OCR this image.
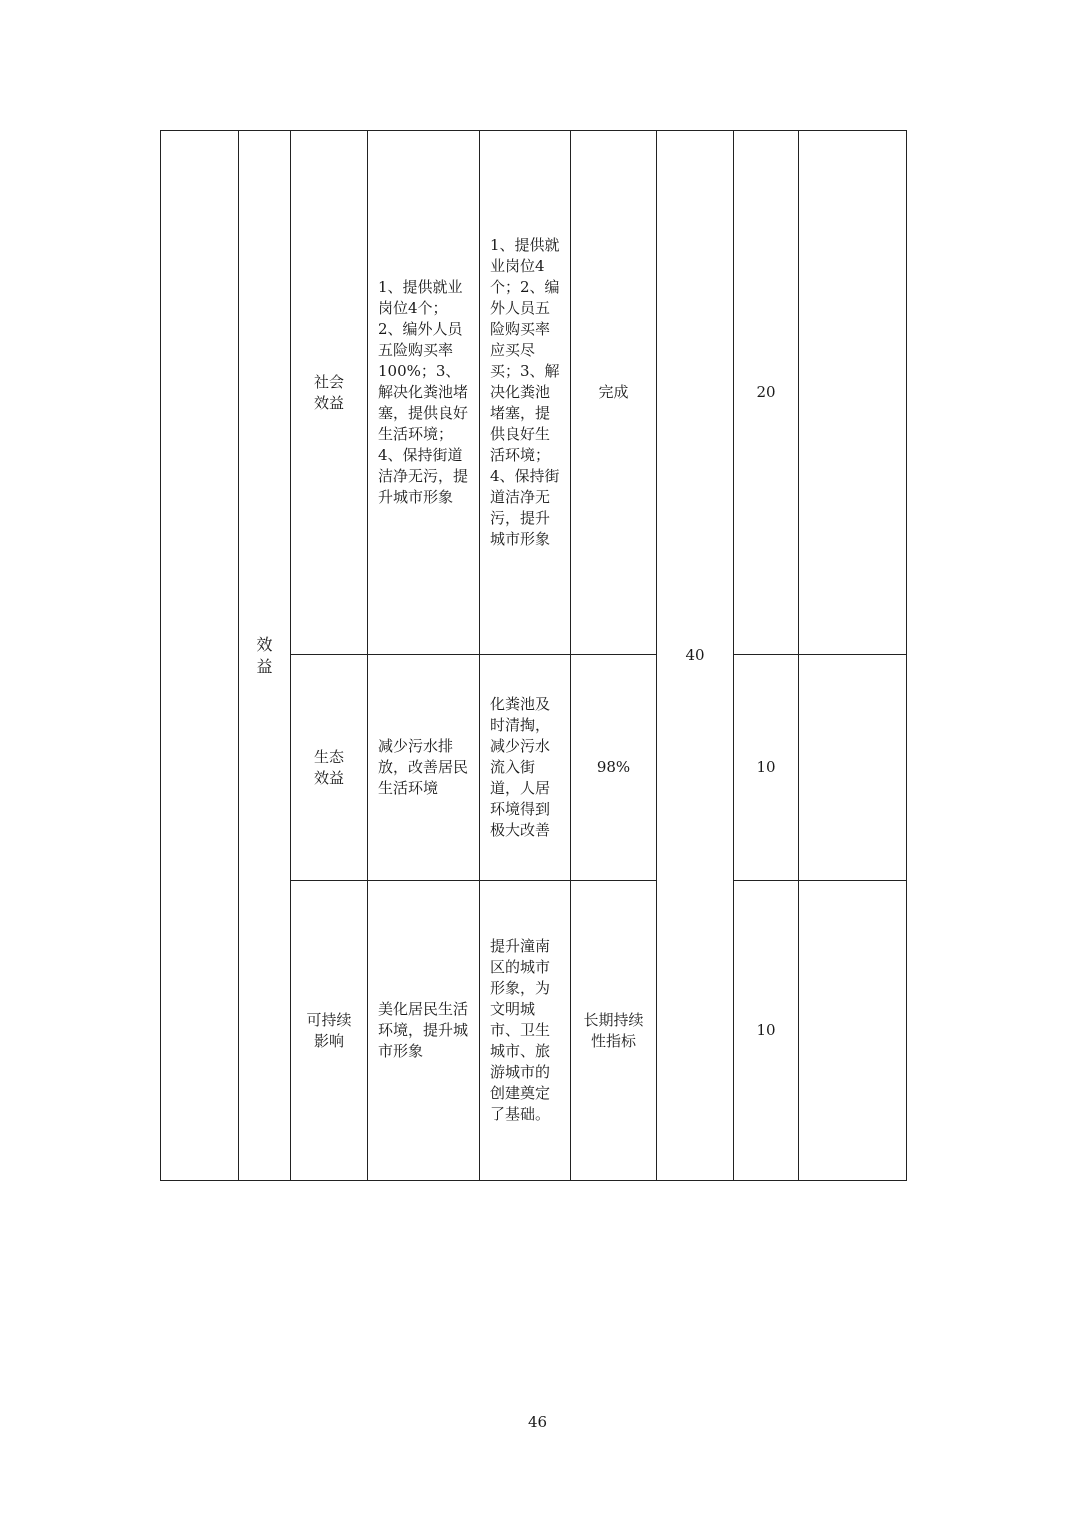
	效益	社会效益	1、提供就业岗位4个；2、编外人员五险购买率100%；3、解决化粪池堵塞，提供良好生活环境；4、保持街道洁净无污，提升城市形象	1、提供就业岗位4个；2、编外人员五险购买率应买尽买；3、解决化粪池堵塞，提供良好生活环境；4、保持街道洁净无污，提升城市形象	完成	40	20	

		生态效益	减少污水排放，改善居民生活环境	化粪池及时清掏，减少污水流入街道，人居环境得到极大改善	98%		10	

		可持续影响	美化居民生活环境，提升城市形象	提升潼南区的城市形象，为文明城市、卫生城市、旅游城市的创建奠定了基础。	长期持续性指标		10	
46
